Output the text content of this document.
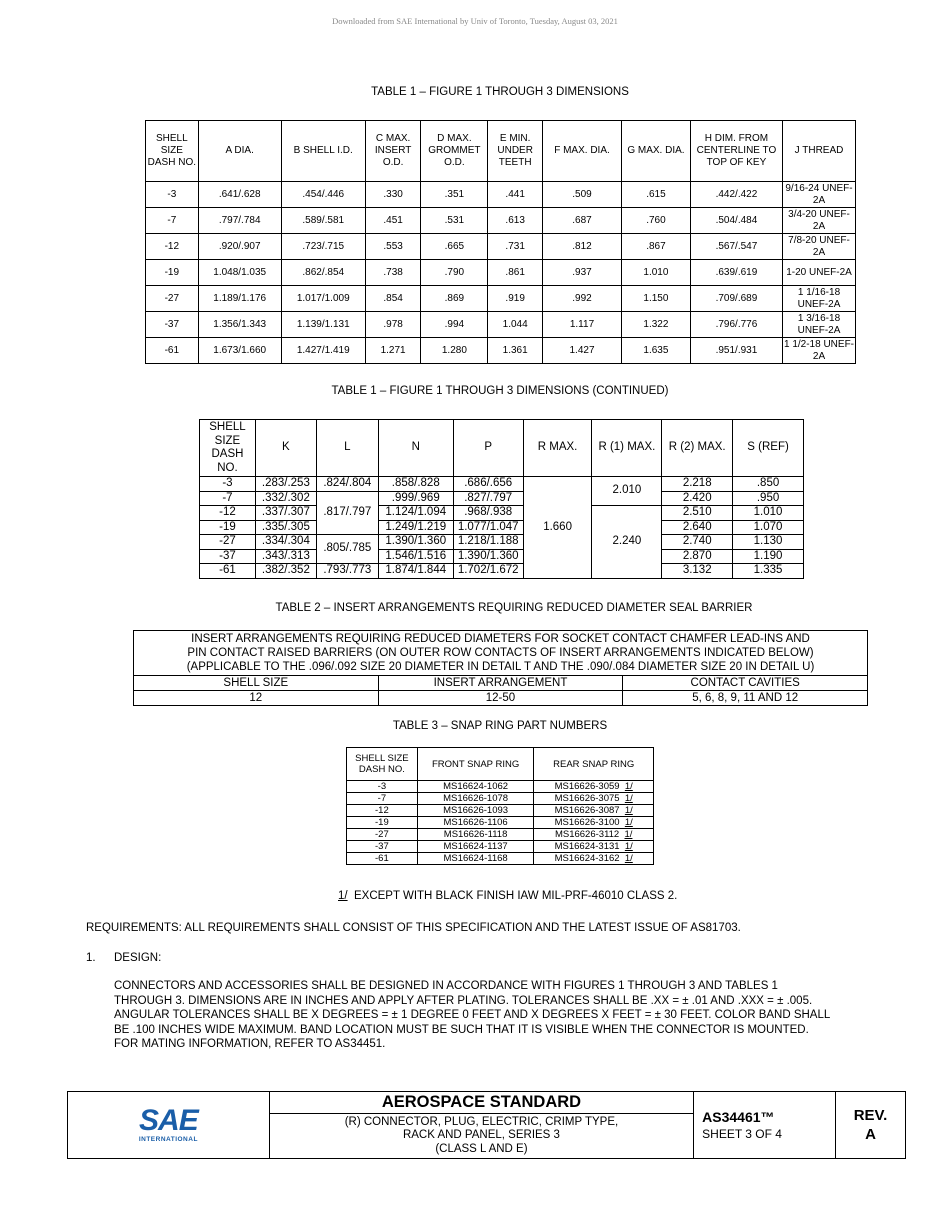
Downloaded from SAE International by Univ of Toronto, Tuesday, August 03, 2021
TABLE 1 – FIGURE 1 THROUGH 3 DIMENSIONS
SHELL SIZE DASH NO.	A DIA.	B SHELL I.D.	C MAX. INSERT O.D.	D MAX. GROMMET O.D.	E MIN. UNDER TEETH	F MAX. DIA.	G MAX. DIA.	H DIM. FROM CENTERLINE TO TOP OF KEY	J THREAD
-3	.641/.628	.454/.446	.330	.351	.441	.509	.615	.442/.422	9/16-24 UNEF-2A
-7	.797/.784	.589/.581	.451	.531	.613	.687	.760	.504/.484	3/4-20 UNEF-2A
-12	.920/.907	.723/.715	.553	.665	.731	.812	.867	.567/.547	7/8-20 UNEF-2A
-19	1.048/1.035	.862/.854	.738	.790	.861	.937	1.010	.639/.619	1-20 UNEF-2A
-27	1.189/1.176	1.017/1.009	.854	.869	.919	.992	1.150	.709/.689	1 1/16-18 UNEF-2A
-37	1.356/1.343	1.139/1.131	.978	.994	1.044	1.117	1.322	.796/.776	1 3/16-18 UNEF-2A
-61	1.673/1.660	1.427/1.419	1.271	1.280	1.361	1.427	1.635	.951/.931	1 1/2-18 UNEF-2A
TABLE 1 – FIGURE 1 THROUGH 3 DIMENSIONS (CONTINUED)
SHELL SIZE DASH NO.	K	L	N	P	R MAX.	R (1) MAX.	R (2) MAX.	S (REF)
-3	.283/.253	.824/.804	.858/.828	.686/.656	1.660	2.010	2.218	.850
-7	.332/.302	.817/.797	.999/.969	.827/.797			2.420	.950
-12	.337/.307		1.124/1.094	.968/.938		2.240	2.510	1.010
-19	.335/.305		1.249/1.219	1.077/1.047			2.640	1.070
-27	.334/.304	.805/.785	1.390/1.360	1.218/1.188			2.740	1.130
-37	.343/.313		1.546/1.516	1.390/1.360			2.870	1.190
-61	.382/.352	.793/.773	1.874/1.844	1.702/1.672			3.132	1.335
TABLE 2 – INSERT ARRANGEMENTS REQUIRING REDUCED DIAMETER SEAL BARRIER
INSERT ARRANGEMENTS REQUIRING REDUCED DIAMETERS FOR SOCKET CONTACT CHAMFER LEAD-INS AND
PIN CONTACT RAISED BARRIERS (ON OUTER ROW CONTACTS OF INSERT ARRANGEMENTS INDICATED BELOW)
(APPLICABLE TO THE .096/.092 SIZE 20 DIAMETER IN DETAIL T AND THE .090/.084 DIAMETER SIZE 20 IN DETAIL U)		

SHELL SIZE	INSERT ARRANGEMENT	CONTACT CAVITIES
12	12-50	5, 6, 8, 9, 11 AND 12
TABLE 3 – SNAP RING PART NUMBERS
SHELL SIZE DASH NO.	FRONT SNAP RING	REAR SNAP RING
-3	MS16624-1062	MS16626-3059 1/
-7	MS16626-1078	MS16626-3075 1/
-12	MS16626-1093	MS16626-3087 1/
-19	MS16626-1106	MS16626-3100 1/
-27	MS16626-1118	MS16626-3112 1/
-37	MS16624-1137	MS16624-3131 1/
-61	MS16624-1168	MS16624-3162 1/
1/ EXCEPT WITH BLACK FINISH IAW MIL-PRF-46010 CLASS 2.
REQUIREMENTS: ALL REQUIREMENTS SHALL CONSIST OF THIS SPECIFICATION AND THE LATEST ISSUE OF AS81703.
1. DESIGN:
CONNECTORS AND ACCESSORIES SHALL BE DESIGNED IN ACCORDANCE WITH FIGURES 1 THROUGH 3 AND TABLES 1
THROUGH 3. DIMENSIONS ARE IN INCHES AND APPLY AFTER PLATING. TOLERANCES SHALL BE .XX = ± .01 AND .XXX = ± .005.
ANGULAR TOLERANCES SHALL BE X DEGREES = ± 1 DEGREE 0 FEET AND X DEGREES X FEET = ± 30 FEET. COLOR BAND SHALL
BE .100 INCHES WIDE MAXIMUM. BAND LOCATION MUST BE SUCH THAT IT IS VISIBLE WHEN THE CONNECTOR IS MOUNTED.
FOR MATING INFORMATION, REFER TO AS34451.
SAE
INTERNATIONAL
	AEROSPACE STANDARD	
AS34461™
SHEET 3 OF 4

REV.
A

(R) CONNECTOR, PLUG, ELECTRIC, CRIMP TYPE,
RACK AND PANEL, SERIES 3
(CLASS L AND E)
